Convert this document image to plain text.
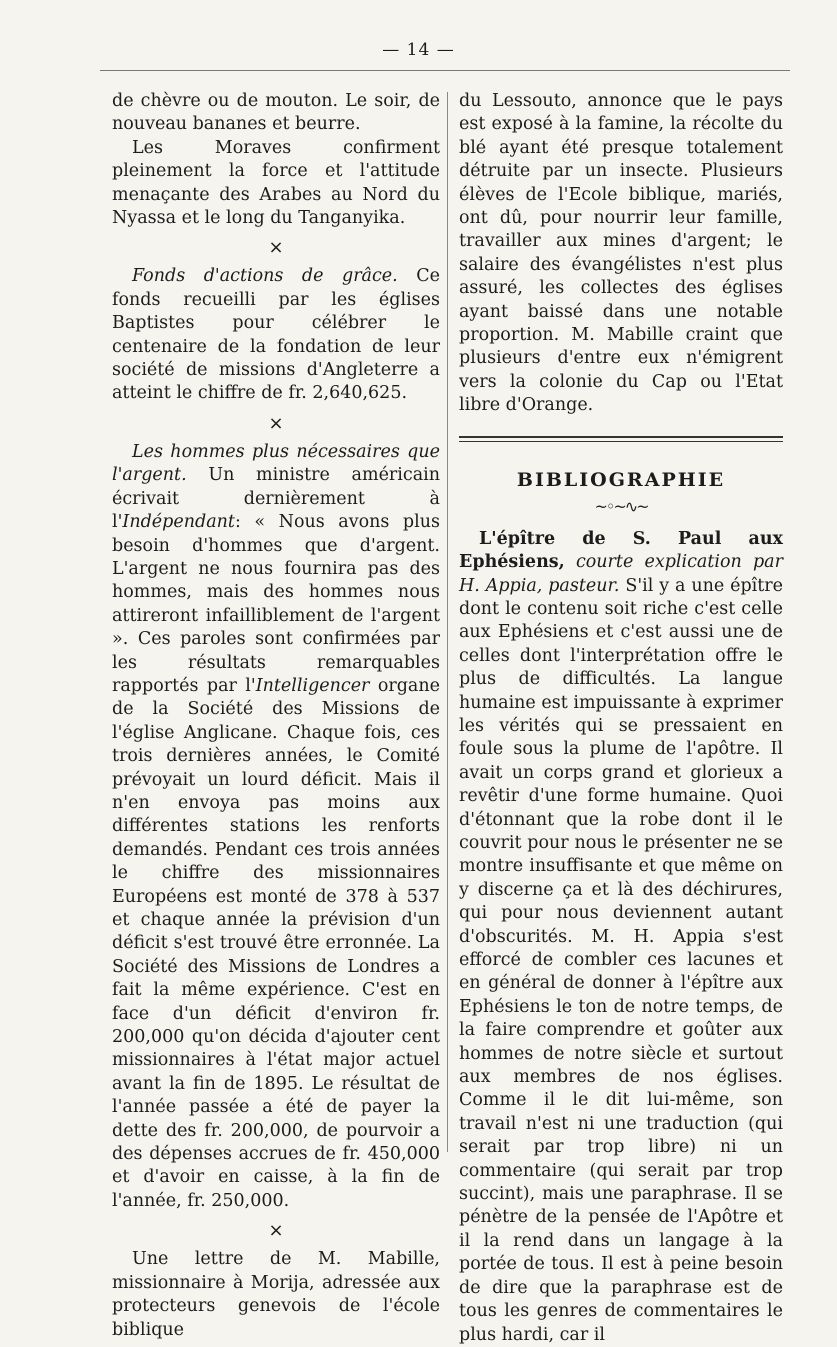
— 14 —

de chèvre ou de mouton. Le soir, de nouveau bananes et beurre.

Les Moraves confirment pleinement la force et l'attitude menaçante des Arabes au Nord du Nyassa et le long du Tanganyika.

×

Fonds d'actions de grâce. Ce fonds recueilli par les églises Baptistes pour célébrer le centenaire de la fondation de leur société de missions d'Angleterre a atteint le chiffre de fr. 2,640,625.

×

Les hommes plus nécessaires que l'argent. Un ministre américain écrivait dernièrement à l'Indépendant: « Nous avons plus besoin d'hommes que d'argent. L'argent ne nous fournira pas des hommes, mais des hommes nous attireront infailliblement de l'argent ». Ces paroles sont confirmées par les résultats remarquables rapportés par l'Intelligencer organe de la Société des Missions de l'église Anglicane. Chaque fois, ces trois dernières années, le Comité prévoyait un lourd déficit. Mais il n'en envoya pas moins aux différentes stations les renforts demandés. Pendant ces trois années le chiffre des missionnaires Européens est monté de 378 à 537 et chaque année la prévision d'un déficit s'est trouvé être erronnée. La Société des Missions de Londres a fait la même expérience. C'est en face d'un déficit d'environ fr. 200,000 qu'on décida d'ajouter cent missionnaires à l'état major actuel avant la fin de 1895. Le résultat de l'année passée a été de payer la dette des fr. 200,000, de pourvoir a des dépenses accrues de fr. 450,000 et d'avoir en caisse, à la fin de l'année, fr. 250,000.

×

Une lettre de M. Mabille, missionnaire à Morija, adressée aux protecteurs genevois de l'école biblique

du Lessouto, annonce que le pays est exposé à la famine, la récolte du blé ayant été presque totalement détruite par un insecte. Plusieurs élèves de l'Ecole biblique, mariés, ont dû, pour nourrir leur famille, travailler aux mines d'argent; le salaire des évangélistes n'est plus assuré, les collectes des églises ayant baissé dans une notable proportion. M. Mabille craint que plusieurs d'entre eux n'émigrent vers la colonie du Cap ou l'Etat libre d'Orange.

BIBLIOGRAPHIE
~◦~∿~

L'épître de S. Paul aux Ephésiens, courte explication par H. Appia, pasteur. S'il y a une épître dont le contenu soit riche c'est celle aux Ephésiens et c'est aussi une de celles dont l'interprétation offre le plus de difficultés. La langue humaine est impuissante à exprimer les vérités qui se pressaient en foule sous la plume de l'apôtre. Il avait un corps grand et glorieux a revêtir d'une forme humaine. Quoi d'étonnant que la robe dont il le couvrit pour nous le présenter ne se montre insuffisante et que même on y discerne ça et là des déchirures, qui pour nous deviennent autant d'obscurités. M. H. Appia s'est efforcé de combler ces lacunes et en général de donner à l'épître aux Ephésiens le ton de notre temps, de la faire comprendre et goûter aux hommes de notre siècle et surtout aux membres de nos églises. Comme il le dit lui-même, son travail n'est ni une traduction (qui serait par trop libre) ni un commentaire (qui serait par trop succint), mais une paraphrase. Il se pénètre de la pensée de l'Apôtre et il la rend dans un langage à la portée de tous. Il est à peine besoin de dire que la paraphrase est de tous les genres de commentaires le plus hardi, car il
